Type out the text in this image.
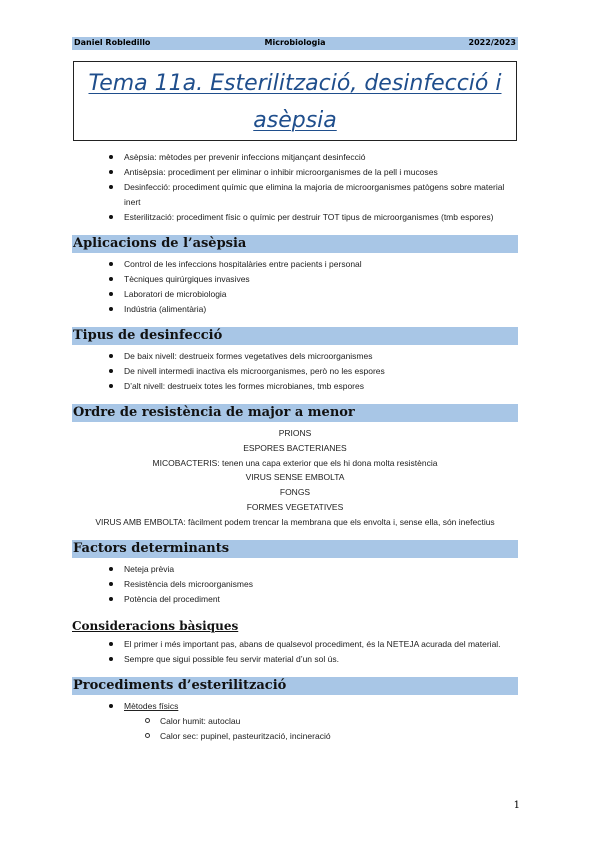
Microbiologia
Daniel Robledillo	2022/2023
Tema 11a. Esterilització, desinfecció i
asèpsia
Asèpsia: mètodes per prevenir infeccions mitjançant desinfecció
Antisèpsia: procediment per eliminar o inhibir microorganismes de la pell i mucoses
Desinfecció: procediment químic que elimina la majoria de microorganismes patògens sobre material inert
Esterilització: procediment físic o químic per destruir TOT tipus de microorganismes (tmb espores)
Aplicacions de l’asèpsia
Control de les infeccions hospitalàries entre pacients i personal
Tècniques quirúrgiques invasives
Laboratori de microbiologia
Indústria (alimentària)
Tipus de desinfecció
De baix nivell: destrueix formes vegetatives dels microorganismes
De nivell intermedi inactiva els microorganismes, però no les espores
D’alt nivell: destrueix totes les formes microbianes, tmb espores
Ordre de resistència de major a menor
PRIONS
ESPORES BACTERIANES
MICOBACTERIS: tenen una capa exterior que els hi dona molta resistència
VIRUS SENSE EMBOLTA
FONGS
FORMES VEGETATIVES
VIRUS AMB EMBOLTA: fàcilment podem trencar la membrana que els envolta i, sense ella, són inefectius
Factors determinants
Neteja prèvia
Resistència dels microorganismes
Potència del procediment
Consideracions bàsiques
El primer i més important pas, abans de qualsevol procediment, és la NETEJA acurada del material.
Sempre que sigui possible feu servir material d’un sol ús.
Procediments d’esterilització
Mètodes físics
Calor humit: autoclau
Calor sec: pupinel, pasteurització, incineració
1
